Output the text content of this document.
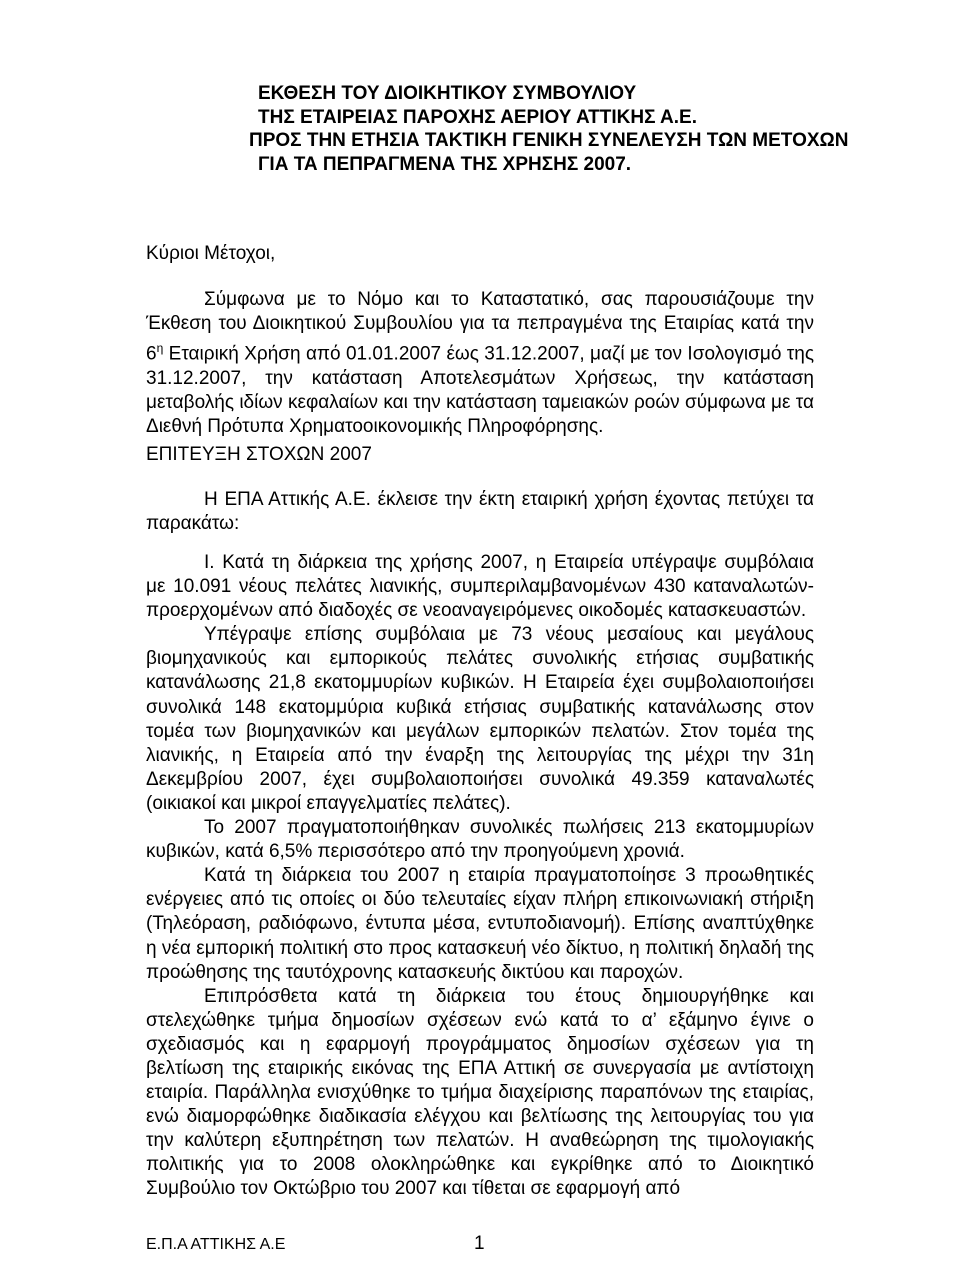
ΕΚΘΕΣΗ ΤΟΥ ΔΙΟΙΚΗΤΙΚΟΥ ΣΥΜΒΟΥΛΙΟΥ
ΤΗΣ ΕΤΑΙΡΕΙΑΣ ΠΑΡΟΧΗΣ ΑΕΡΙΟΥ ΑΤΤΙΚΗΣ Α.Ε.
ΠΡΟΣ ΤΗΝ ΕΤΗΣΙΑ ΤΑΚΤΙΚΗ ΓΕΝΙΚΗ ΣΥΝΕΛΕΥΣΗ ΤΩΝ ΜΕΤΟΧΩΝ
ΓΙΑ ΤΑ ΠΕΠΡΑΓΜΕΝΑ ΤΗΣ ΧΡΗΣΗΣ 2007.
Κύριοι Μέτοχοι,

Σύμφωνα με το Νόμο και το Καταστατικό, σας παρουσιάζουμε την Έκθεση του Διοικητικού Συμβουλίου για τα πεπραγμένα της Εταιρίας κατά την $6^\eta$ Εταιρική Χρήση από 01.01.2007 έως 31.12.2007, μαζί με τον Ισολογισμό της 31.12.2007, την κατάσταση Αποτελεσμάτων Χρήσεως, την κατάσταση μεταβολής ιδίων κεφαλαίων και την κατάσταση ταμειακών ροών σύμφωνα με τα Διεθνή Πρότυπα Χρηματοοικονομικής Πληροφόρησης.

ΕΠΙΤΕΥΞΗ ΣΤΟΧΩΝ 2007

Η ΕΠΑ Αττικής Α.Ε. έκλεισε την έκτη εταιρική χρήση έχοντας πετύχει τα παρακάτω:

Ι. Κατά τη διάρκεια της χρήσης 2007, η Εταιρεία υπέγραψε συμβόλαια με 10.091 νέους πελάτες λιανικής, συμπεριλαμβανομένων 430 καταναλωτών-προερχομένων από διαδοχές σε νεοαναγειρόμενες οικοδομές κατασκευαστών.

Υπέγραψε επίσης συμβόλαια με 73 νέους μεσαίους και μεγάλους βιομηχανικούς και εμπορικούς πελάτες συνολικής ετήσιας συμβατικής κατανάλωσης 21,8 εκατομμυρίων κυβικών. Η Εταιρεία έχει συμβολαιοποιήσει συνολικά 148 εκατομμύρια κυβικά ετήσιας συμβατικής κατανάλωσης στον τομέα των βιομηχανικών και μεγάλων εμπορικών πελατών. Στον τομέα της λιανικής, η Εταιρεία από την έναρξη της λειτουργίας της μέχρι την 31η Δεκεμβρίου 2007, έχει συμβολαιοποιήσει συνολικά 49.359 καταναλωτές (οικιακοί και μικροί επαγγελματίες πελάτες).

Το 2007 πραγματοποιήθηκαν συνολικές πωλήσεις 213 εκατομμυρίων κυβικών, κατά 6,5% περισσότερο από την προηγούμενη χρονιά.

Κατά τη διάρκεια του 2007 η εταιρία πραγματοποίησε 3 προωθητικές ενέργειες από τις οποίες οι δύο τελευταίες είχαν πλήρη επικοινωνιακή στήριξη (Τηλεόραση, ραδιόφωνο, έντυπα μέσα, εντυποδιανομή). Επίσης αναπτύχθηκε η νέα εμπορική πολιτική στο προς κατασκευή νέο δίκτυο, η πολιτική δηλαδή της προώθησης της ταυτόχρονης κατασκευής δικτύου και παροχών.

Επιπρόσθετα κατά τη διάρκεια του έτους δημιουργήθηκε και στελεχώθηκε τμήμα δημοσίων σχέσεων ενώ κατά το α’ εξάμηνο έγινε ο σχεδιασμός και η εφαρμογή προγράμματος δημοσίων σχέσεων για τη βελτίωση της εταιρικής εικόνας της ΕΠΑ Αττική σε συνεργασία με αντίστοιχη εταιρία. Παράλληλα ενισχύθηκε το τμήμα διαχείρισης παραπόνων της εταιρίας, ενώ διαμορφώθηκε διαδικασία ελέγχου και βελτίωσης της λειτουργίας του για την καλύτερη εξυπηρέτηση των πελατών. Η αναθεώρηση της τιμολογιακής πολιτικής για το 2008 ολοκληρώθηκε και εγκρίθηκε από το Διοικητικό Συμβούλιο τον Οκτώβριο του 2007 και τίθεται σε εφαρμογή από

Ε.Π.Α ΑΤΤΙΚΗΣ Α.Ε	1
